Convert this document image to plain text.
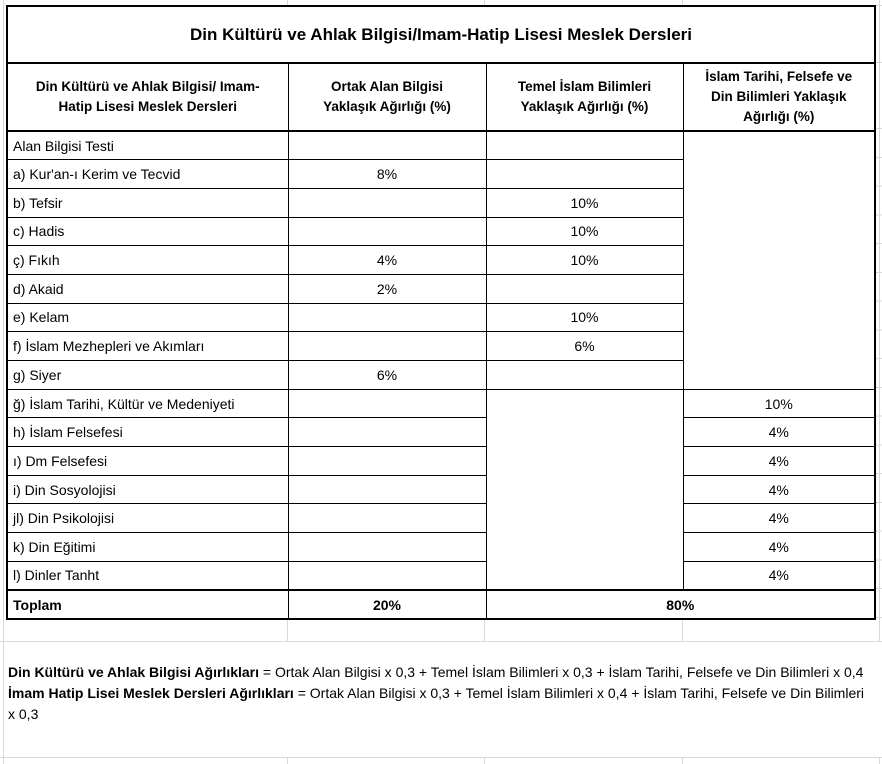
Din Kültürü ve Ahlak Bilgisi/Imam-Hatip Lisesi Meslek Dersleri			

Din Kültürü ve Ahlak Bilgisi/ Imam-
Hatip Lisesi Meslek Dersleri

Ortak Alan Bilgisi
Yaklaşık Ağırlığı (%)

Temel İslam Bilimleri
Yaklaşık Ağırlığı (%)

İslam Tarihi, Felsefe ve
Din Bilimleri Yaklaşık
Ağırlığı (%)

Alan Bilgisi Testi			
a) Kur'an-ı Kerim ve Tecvid	8%		
b) Tefsir		10%	
c) Hadis		10%	
ç) Fıkıh	4%	10%	
d) Akaid	2%		
e) Kelam		10%	
f) İslam Mezhepleri ve Akımları		6%	
g) Siyer	6%		
ğ) İslam Tarihi, Kültür ve Medeniyeti			10%
h) İslam Felsefesi			4%
ı) Dm Felsefesi			4%
i) Din Sosyolojisi			4%
jl) Din Psikolojisi			4%
k) Din Eğitimi			4%
l) Dinler Tanht			4%
Toplam	20%	80%	

Din Kültürü ve Ahlak Bilgisi Ağırlıkları = Ortak Alan Bilgisi x 0,3 + Temel İslam Bilimleri x 0,3 + İslam Tarihi, Felsefe ve Din Bilimleri x 0,4 İmam Hatip Lisei Meslek Dersleri Ağırlıkları = Ortak Alan Bilgisi x 0,3 + Temel İslam Bilimleri x 0,4 + İslam Tarihi, Felsefe ve Din Bilimleri x 0,3
